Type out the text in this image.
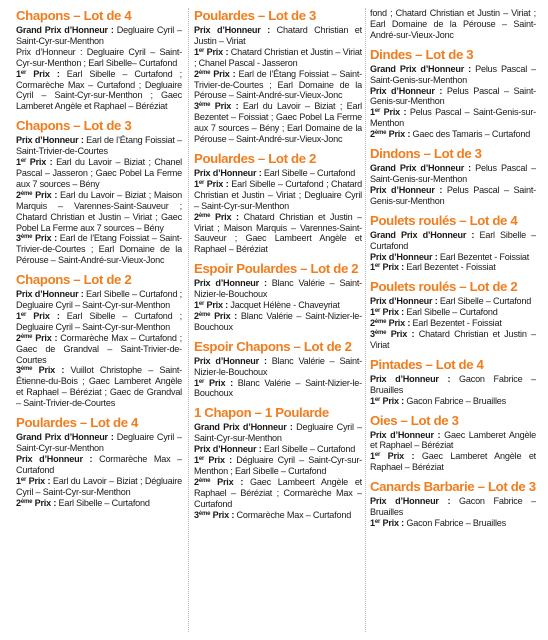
Chapons – Lot de 4

Grand Prix d’Honneur : Degluaire Cyril – Saint-Cyr-sur-Menthon

Prix d’Honneur : Degluaire Cyril – Saint-Cyr-sur-Menthon ; Earl Sibelle– Curtafond

1er Prix : Earl Sibelle – Curtafond ; Cormarèche Max – Curtafond ; Degluaire Cyril – Saint-Cyr-sur-Menthon ; Gaec Lamberet Angèle et Raphael – Béréziat

Chapons – Lot de 3

Prix d’Honneur : Earl de l’Étang Foissiat – Saint-Trivier-de-Courtes

1er Prix : Earl du Lavoir – Biziat ; Chanel Pascal – Jasseron ; Gaec Pobel La Ferme aux 7 sources – Bény

2ème Prix : Earl du Lavoir – Biziat ; Maison Marquis – Varennes-Saint-Sauveur ; Chatard Christian et Justin – Viriat ; Gaec Pobel La Ferme aux 7 sources – Bény

3ème Prix : Earl de l’Etang Foissiat – Saint-Trivier-de-Courtes ; Earl Domaine de la Pérouse – Saint-André-sur-Vieux-Jonc

Chapons – Lot de 2

Prix d’Honneur : Earl Sibelle – Curtafond ; Degluaire Cyril – Saint-Cyr-sur-Menthon

1er Prix : Earl Sibelle – Curtafond ; Degluaire Cyril – Saint-Cyr-sur-Menthon

2ème Prix : Cormarèche Max – Curtafond ; Gaec de Grandval – Saint-Trivier-de-Courtes

3ème Prix : Vuillot Christophe – Saint-Étienne-du-Bois ; Gaec Lamberet Angèle et Raphael – Béréziat ; Gaec de Grandval – Saint-Trivier-de-Courtes

Poulardes – Lot de 4

Grand Prix d’Honneur : Degluaire Cyril – Saint-Cyr-sur-Menthon

Prix d’Honneur : Cormarèche Max – Curtafond

1er Prix : Earl du Lavoir – Biziat ; Dégluaire Cyril – Saint-Cyr-sur-Menthon

2ème Prix : Earl Sibelle – Curtafond

Poulardes – Lot de 3

Prix d’Honneur : Chatard Christian et Justin – Viriat

1er Prix : Chatard Christian et Justin – Viriat ; Chanel Pascal - Jasseron

2ème Prix : Earl de l’Étang Foissiat – Saint-Trivier-de-Courtes ; Earl Domaine de la Pérouse – Saint-André-sur-Vieux-Jonc

3ème Prix : Earl du Lavoir – Biziat ; Earl Bezentet – Foissiat ; Gaec Pobel La Ferme aux 7 sources – Bény ; Earl Domaine de la Pérouse – Saint-André-sur-Vieux-Jonc

Poulardes – Lot de 2

Prix d’Honneur : Earl Sibelle – Curtafond

1er Prix : Earl Sibelle – Curtafond ; Chatard Christian et Justin – Viriat ; Degluaire Cyril – Saint-Cyr-sur-Menthon

2ème Prix : Chatard Christian et Justin – Viriat ; Maison Marquis – Varennes-Saint-Sauveur ; Gaec Lambeert Angèle et Raphael – Béréziat

Espoir Poulardes – Lot de 2

Prix d’Honneur : Blanc Valérie – Saint-Nizier-le-Bouchoux

1er Prix : Jacquet Hélène - Chaveyriat

2ème Prix : Blanc Valérie – Saint-Nizier-le-Bouchoux

Espoir Chapons – Lot de 2

Prix d’Honneur : Blanc Valérie – Saint-Nizier-le-Bouchoux

1er Prix : Blanc Valérie – Saint-Nizier-le-Bouchoux

1 Chapon – 1 Poularde

Grand Prix d’Honneur : Degluaire Cyril – Saint-Cyr-sur-Menthon

Prix d’Honneur : Earl Sibelle – Curtafond

1er Prix : Dégluaire Cyril – Saint-Cyr-sur-Menthon ; Earl Sibelle – Curtafond

2ème Prix : Gaec Lambeert Angèle et Raphael – Béréziat ; Cormarèche Max – Curtafond

3ème Prix : Cormarèche Max – Curtafond

fond ; Chatard Christian et Justin – Viriat ; Earl Domaine de la Pérouse – Saint-André-sur-Vieux-Jonc

Dindes – Lot de 3

Grand Prix d’Honneur : Pelus Pascal – Saint-Genis-sur-Menthon

Prix d’Honneur : Pelus Pascal – Saint-Genis-sur-Menthon

1er Prix : Pelus Pascal – Saint-Genis-sur-Menthon

2ème Prix : Gaec des Tamaris – Curtafond

Dindons – Lot de 3

Grand Prix d’Honneur : Pelus Pascal – Saint-Genis-sur-Menthon

Prix d’Honneur : Pelus Pascal – Saint-Genis-sur-Menthon

Poulets roulés – Lot de 4

Grand Prix d’Honneur : Earl Sibelle – Curtafond

Prix d’Honneur : Earl Bezentet - Foissiat

1er Prix : Earl Bezentet - Foissiat

Poulets roulés – Lot de 2

Prix d’Honneur : Earl Sibelle – Curtafond

1er Prix : Earl Sibelle – Curtafond

2ème Prix : Earl Bezentet - Foissiat

3ème Prix : Chatard Christian et Justin – Viriat

Pintades – Lot de 4

Prix d’Honneur : Gacon Fabrice – Bruailles

1er Prix : Gacon Fabrice – Bruailles

Oies – Lot de 3

Prix d’Honneur : Gaec Lamberet Angèle et Raphael – Béréziat

1er Prix : Gaec Lamberet Angèle et Raphael – Béréziat

Canards Barbarie – Lot de 3

Prix d’Honneur : Gacon Fabrice – Bruailles

1er Prix : Gacon Fabrice – Bruailles
